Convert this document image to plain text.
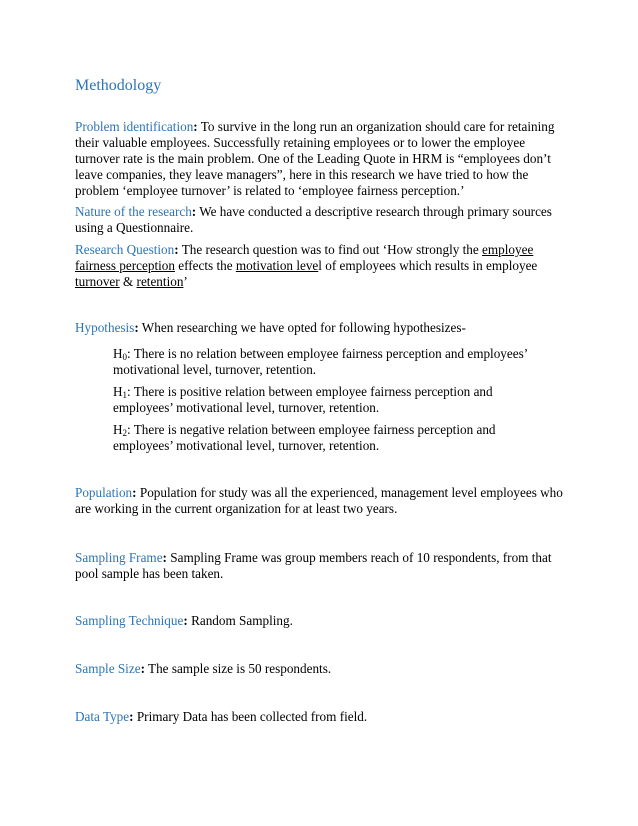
Methodology

Problem identification: To survive in the long run an organization should care for retaining their valuable employees. Successfully retaining employees or to lower the employee turnover rate is the main problem. One of the Leading Quote in HRM is “employees don’t leave companies, they leave managers”, here in this research we have tried to how the problem ‘employee turnover’ is related to ‘employee fairness perception.’

Nature of the research: We have conducted a descriptive research through primary sources using a Questionnaire.

Research Question: The research question was to find out ‘How strongly the employee fairness perception effects the motivation level of employees which results in employee turnover & retention’

Hypothesis: When researching we have opted for following hypothesizes-

$H_0$: There is no relation between employee fairness perception and employees’ motivational level, turnover, retention.

$H_1$: There is positive relation between employee fairness perception and employees’ motivational level, turnover, retention.

$H_2$: There is negative relation between employee fairness perception and employees’ motivational level, turnover, retention.

Population: Population for study was all the experienced, management level employees who are working in the current organization for at least two years.

Sampling Frame: Sampling Frame was group members reach of 10 respondents, from that pool sample has been taken.

Sampling Technique: Random Sampling.

Sample Size: The sample size is 50 respondents.

Data Type: Primary Data has been collected from field.
